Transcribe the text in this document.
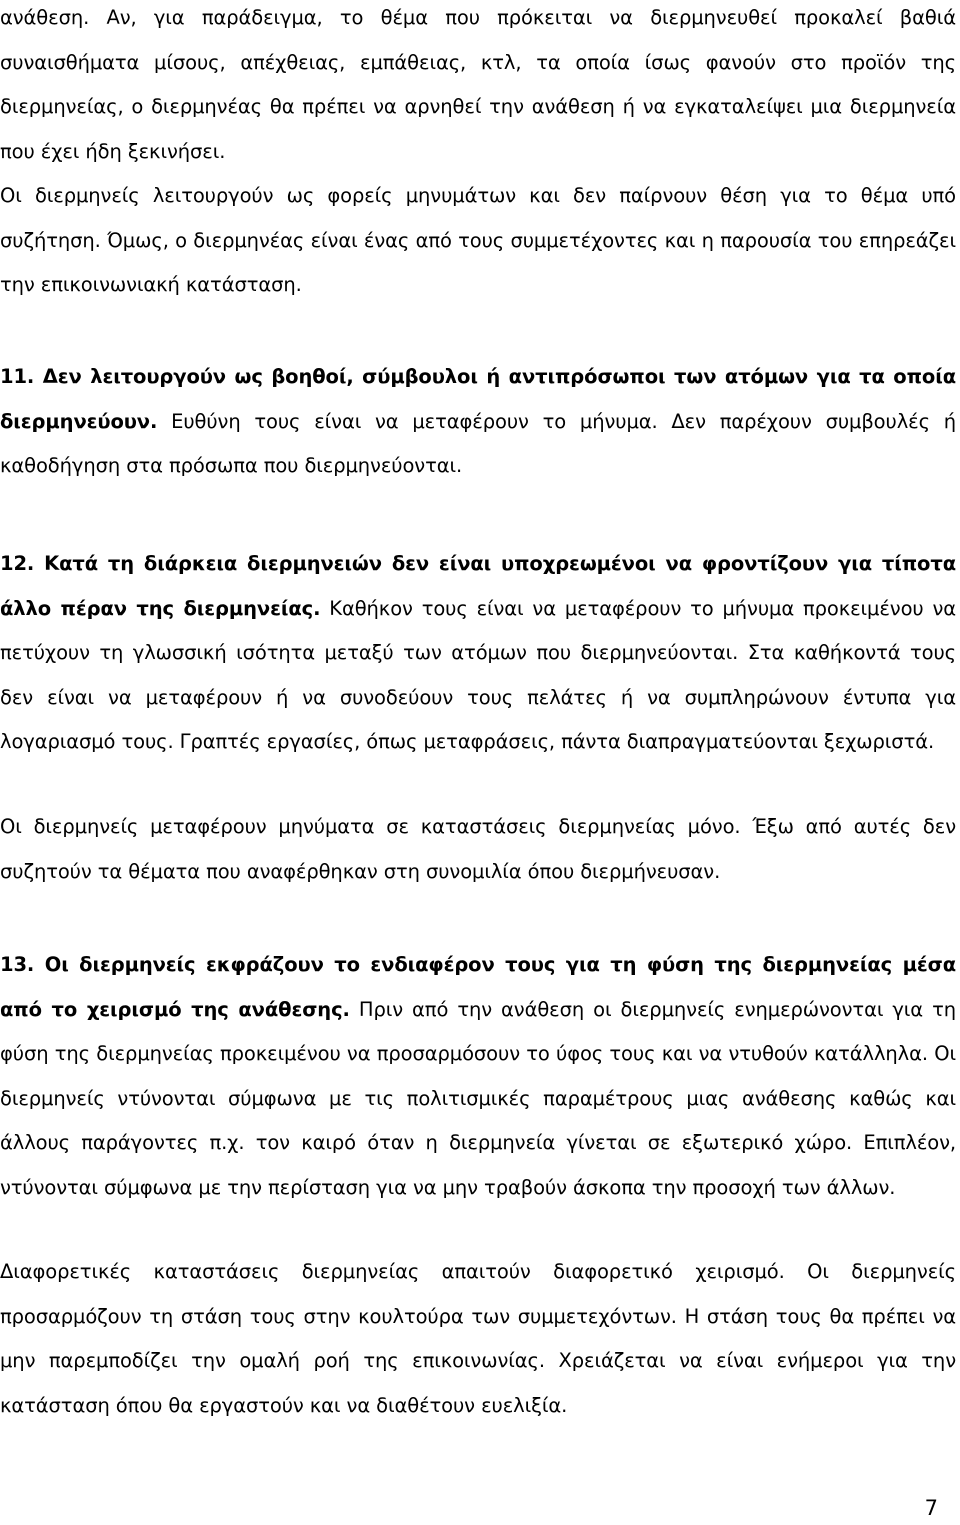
ανάθεση. Αν, για παράδειγμα, το θέμα που πρόκειται να διερμηνευθεί προκαλεί βαθιά συναισθήματα μίσους, απέχθειας, εμπάθειας, κτλ, τα οποία ίσως φανούν στο προϊόν της διερμηνείας, ο διερμηνέας θα πρέπει να αρνηθεί την ανάθεση ή να εγκαταλείψει μια διερμηνεία που έχει ήδη ξεκινήσει.
Οι διερμηνείς λειτουργούν ως φορείς μηνυμάτων και δεν παίρνουν θέση για το θέμα υπό συζήτηση. Όμως, ο διερμηνέας είναι ένας από τους συμμετέχοντες και η παρουσία του επηρεάζει την επικοινωνιακή κατάσταση.

11. Δεν λειτουργούν ως βοηθοί, σύμβουλοι ή αντιπρόσωποι των ατόμων για τα οποία διερμηνεύουν. Ευθύνη τους είναι να μεταφέρουν το μήνυμα. Δεν παρέχουν συμβουλές ή καθοδήγηση στα πρόσωπα που διερμηνεύονται.

12. Κατά τη διάρκεια διερμηνειών δεν είναι υποχρεωμένοι να φροντίζουν για τίποτα άλλο πέραν της διερμηνείας. Καθήκον τους είναι να μεταφέρουν το μήνυμα προκειμένου να πετύχουν τη γλωσσική ισότητα μεταξύ των ατόμων που διερμηνεύονται. Στα καθήκοντά τους δεν είναι να μεταφέρουν ή να συνοδεύουν τους πελάτες ή να συμπληρώνουν έντυπα για λογαριασμό τους. Γραπτές εργασίες, όπως μεταφράσεις, πάντα διαπραγματεύονται ξεχωριστά.

Οι διερμηνείς μεταφέρουν μηνύματα σε καταστάσεις διερμηνείας μόνο. Έξω από αυτές δεν συζητούν τα θέματα που αναφέρθηκαν στη συνομιλία όπου διερμήνευσαν.

13. Οι διερμηνείς εκφράζουν το ενδιαφέρον τους για τη φύση της διερμηνείας μέσα από το χειρισμό της ανάθεσης. Πριν από την ανάθεση οι διερμηνείς ενημερώνονται για τη φύση της διερμηνείας προκειμένου να προσαρμόσουν το ύφος τους και να ντυθούν κατάλληλα. Οι διερμηνείς ντύνονται σύμφωνα με τις πολιτισμικές παραμέτρους μιας ανάθεσης καθώς και άλλους παράγοντες π.χ. τον καιρό όταν η διερμηνεία γίνεται σε εξωτερικό χώρο. Επιπλέον, ντύνονται σύμφωνα με την περίσταση για να μην τραβούν άσκοπα την προσοχή των άλλων.

Διαφορετικές καταστάσεις διερμηνείας απαιτούν διαφορετικό χειρισμό. Οι διερμηνείς προσαρμόζουν τη στάση τους στην κουλτούρα των συμμετεχόντων. Η στάση τους θα πρέπει να μην παρεμποδίζει την ομαλή ροή της επικοινωνίας. Χρειάζεται να είναι ενήμεροι για την κατάσταση όπου θα εργαστούν και να διαθέτουν ευελιξία.

7
